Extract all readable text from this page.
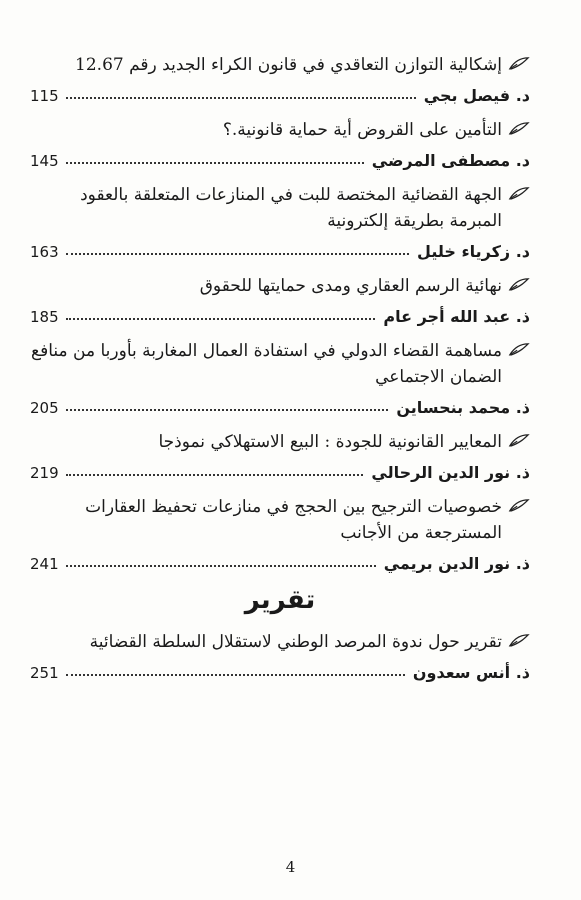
إشكالية التوازن التعاقدي في قانون الكراء الجديد رقم 12.67

د. فيصل بجي
115

التأمين على القروض أية حماية قانونية.؟

د. مصطفى المرضي
145

الجهة القضائية المختصة للبت في المنازعات المتعلقة بالعقود المبرمة بطريقة إلكترونية

د. زكرياء خليل
163

نهائية الرسم العقاري ومدى حمايتها للحقوق

ذ. عبد الله أجر عام
185

مساهمة القضاء الدولي في استفادة العمال المغاربة بأوربا من منافع الضمان الاجتماعي

ذ. محمد بنحساين
205

المعايير القانونية للجودة : البيع الاستهلاكي نموذجا

ذ. نور الدين الرحالي
219

خصوصيات الترجيح بين الحجج في منازعات تحفيظ العقارات المسترجعة من الأجانب

ذ. نور الدين بريمي
241
تقرير

تقرير حول ندوة المرصد الوطني لاستقلال السلطة القضائية

ذ. أنس سعدون
251
4
